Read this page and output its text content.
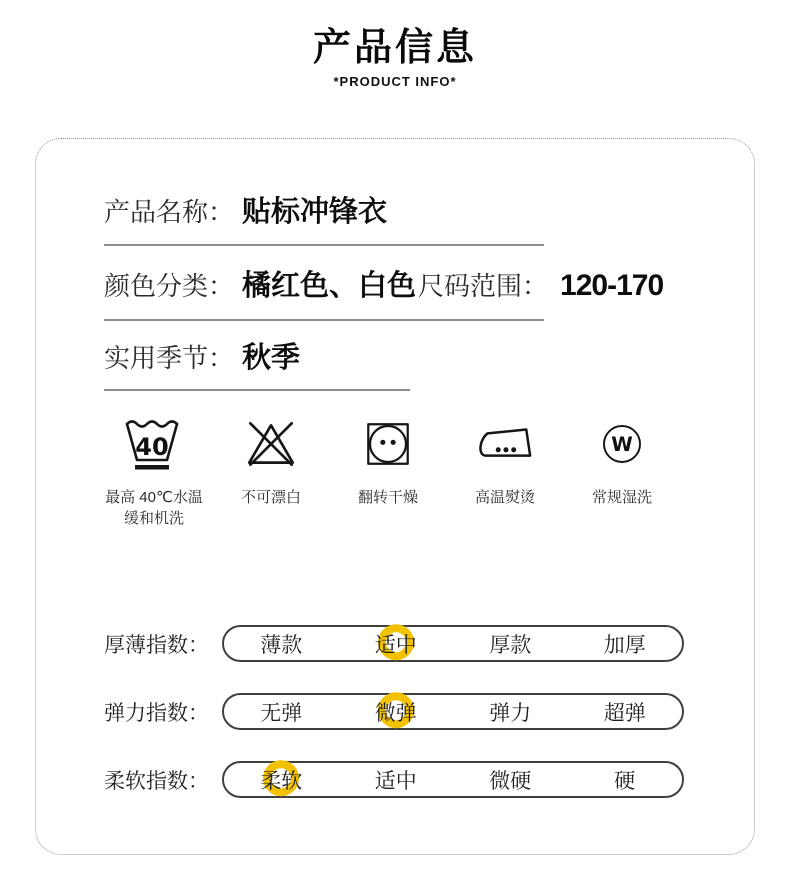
产品信息
*PRODUCT INFO*
产品名称： 贴标冲锋衣
颜色分类： 橘红色、白色 尺码范围： 120-170
实用季节： 秋季
40
最高 40℃水温
缓和机洗
不可漂白	翻转干燥	高温熨烫
W
常规湿洗
厚薄指数：	薄款	适中	厚款	加厚
弹力指数：	无弹	微弹	弹力	超弹
柔软指数：	柔软	适中	微硬	硬
